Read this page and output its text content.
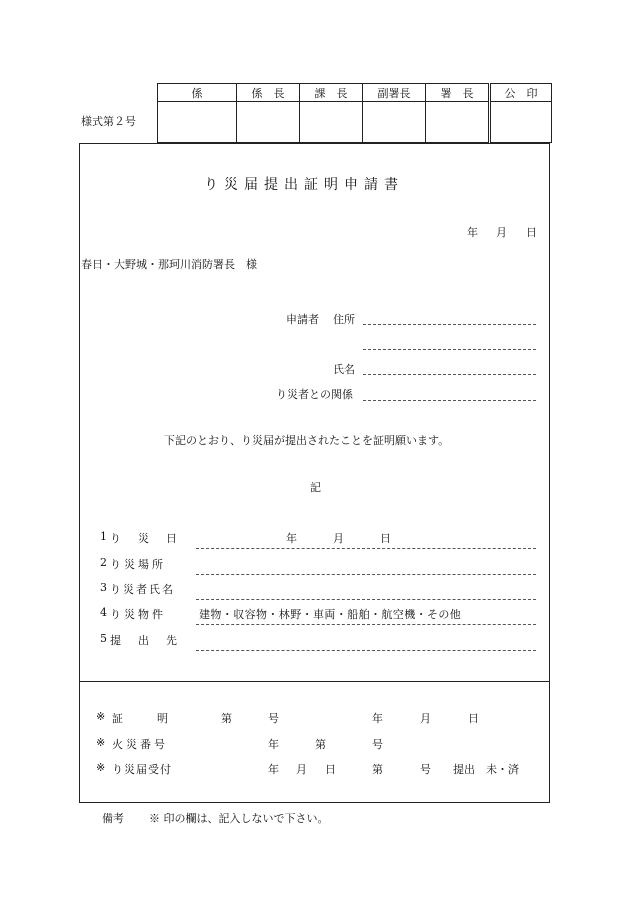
様式第２号
係	係　長	課　長	副署長	署　長	公　印

り災届提出証明申請書
年 月 日
春日・大野城・那珂川消防署長　様
申請者 住所
氏名
り災者との関係
下記のとおり、り災届が提出されたことを証明願います。
記
1 り　災　日	年	月	日
2 り災場所
3 り災者氏名
4 り災物件	建物・収容物・林野・車両・船舶・航空機・その他
5 提　出　先
※ 証　　明	第	号	年	月	日
※ 火災番号	年	第	号
※ り災届受付	年 月 日	第	号 提出 未・済
備考 ※ 印の欄は、記入しないで下さい。
